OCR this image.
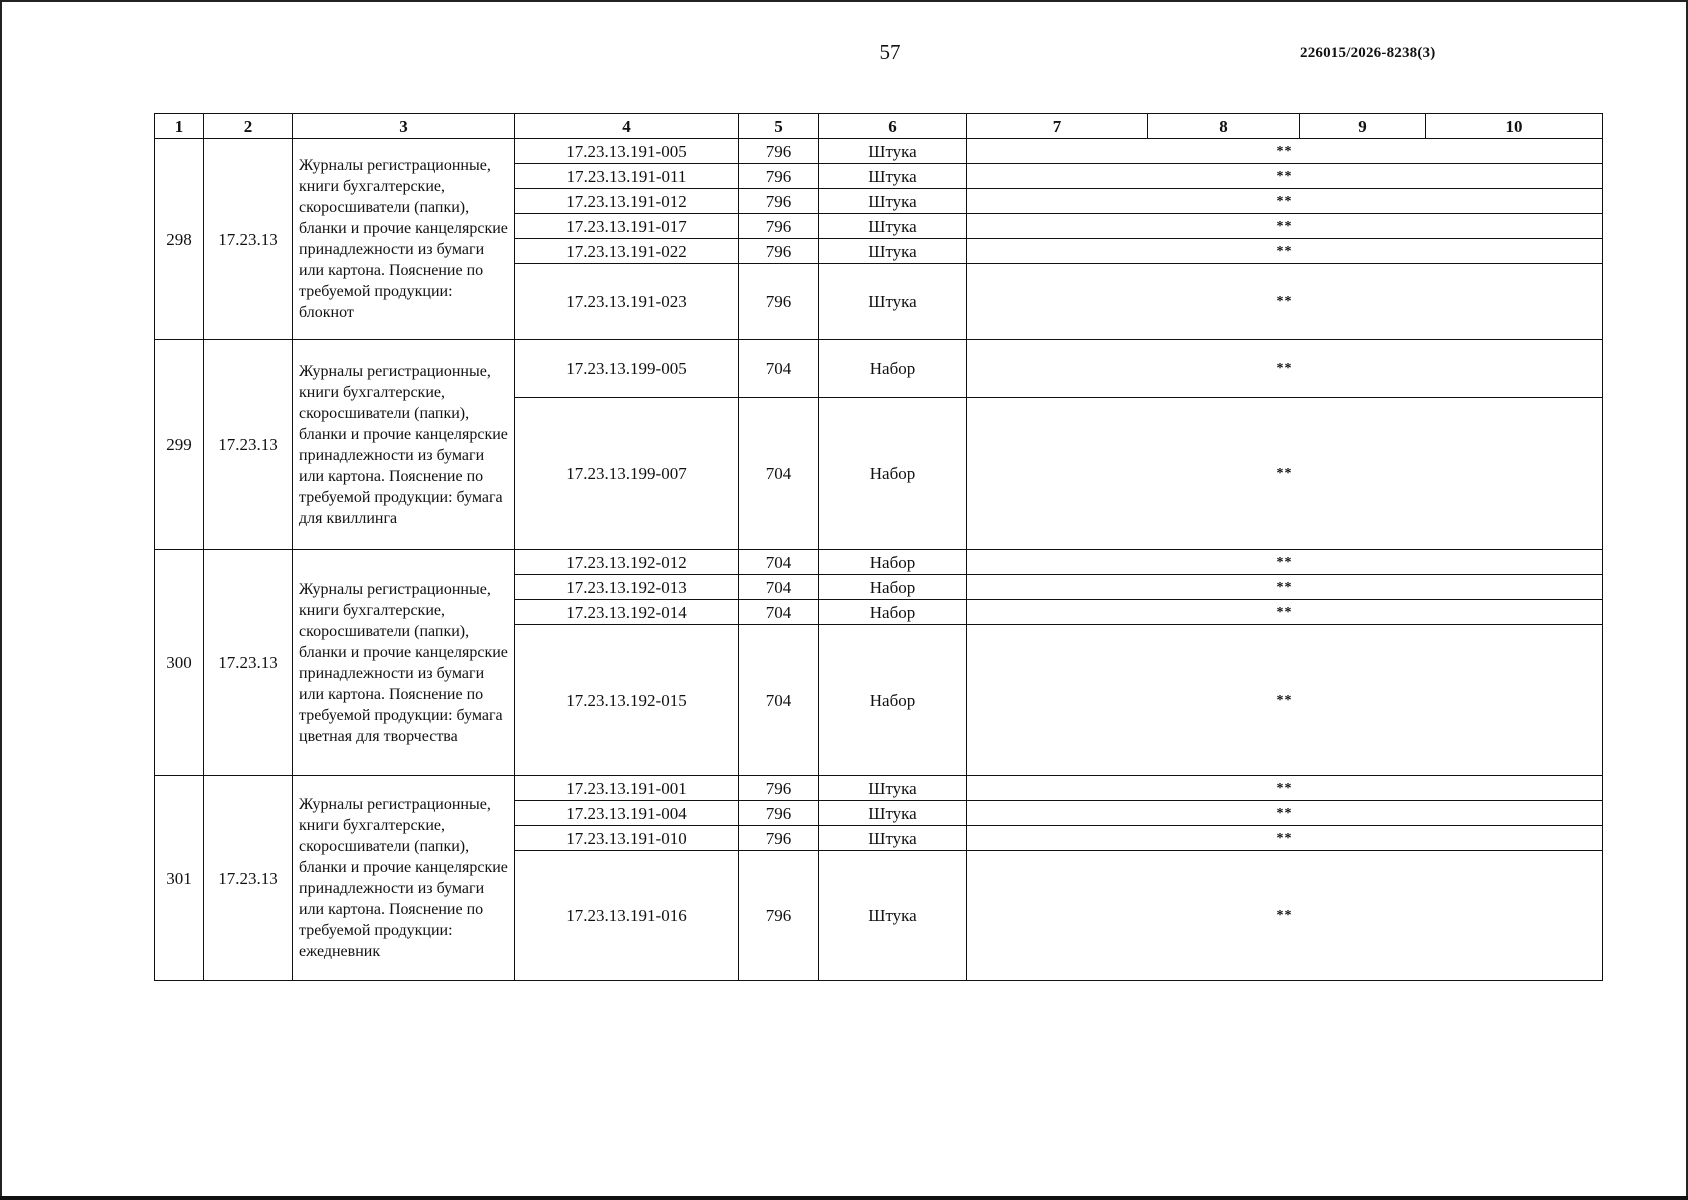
57	226015/2026-8238(3)
1	2	3	4	5	6	7	8	9	10
298	17.23.13	Журналы регистрационные, книги бухгалтерские, скоросшиватели (папки), бланки и прочие канцелярские принадлежности из бумаги или картона. Пояснение по требуемой продукции: блокнот	17.23.13.191-005	796	Штука	**			
			17.23.13.191-011	796	Штука	**			
			17.23.13.191-012	796	Штука	**			
			17.23.13.191-017	796	Штука	**			
			17.23.13.191-022	796	Штука	**			
			17.23.13.191-023	796	Штука	**			
299	17.23.13	Журналы регистрационные, книги бухгалтерские, скоросшиватели (папки), бланки и прочие канцелярские принадлежности из бумаги или картона. Пояснение по требуемой продукции: бумага для квиллинга	17.23.13.199-005	704	Набор	**			
			17.23.13.199-007	704	Набор	**			
300	17.23.13	Журналы регистрационные, книги бухгалтерские, скоросшиватели (папки), бланки и прочие канцелярские принадлежности из бумаги или картона. Пояснение по требуемой продукции: бумага цветная для творчества	17.23.13.192-012	704	Набор	**			
			17.23.13.192-013	704	Набор	**			
			17.23.13.192-014	704	Набор	**			
			17.23.13.192-015	704	Набор	**			
301	17.23.13	Журналы регистрационные, книги бухгалтерские, скоросшиватели (папки), бланки и прочие канцелярские принадлежности из бумаги или картона. Пояснение по требуемой продукции: ежедневник	17.23.13.191-001	796	Штука	**			
			17.23.13.191-004	796	Штука	**			
			17.23.13.191-010	796	Штука	**			
			17.23.13.191-016	796	Штука	**			
